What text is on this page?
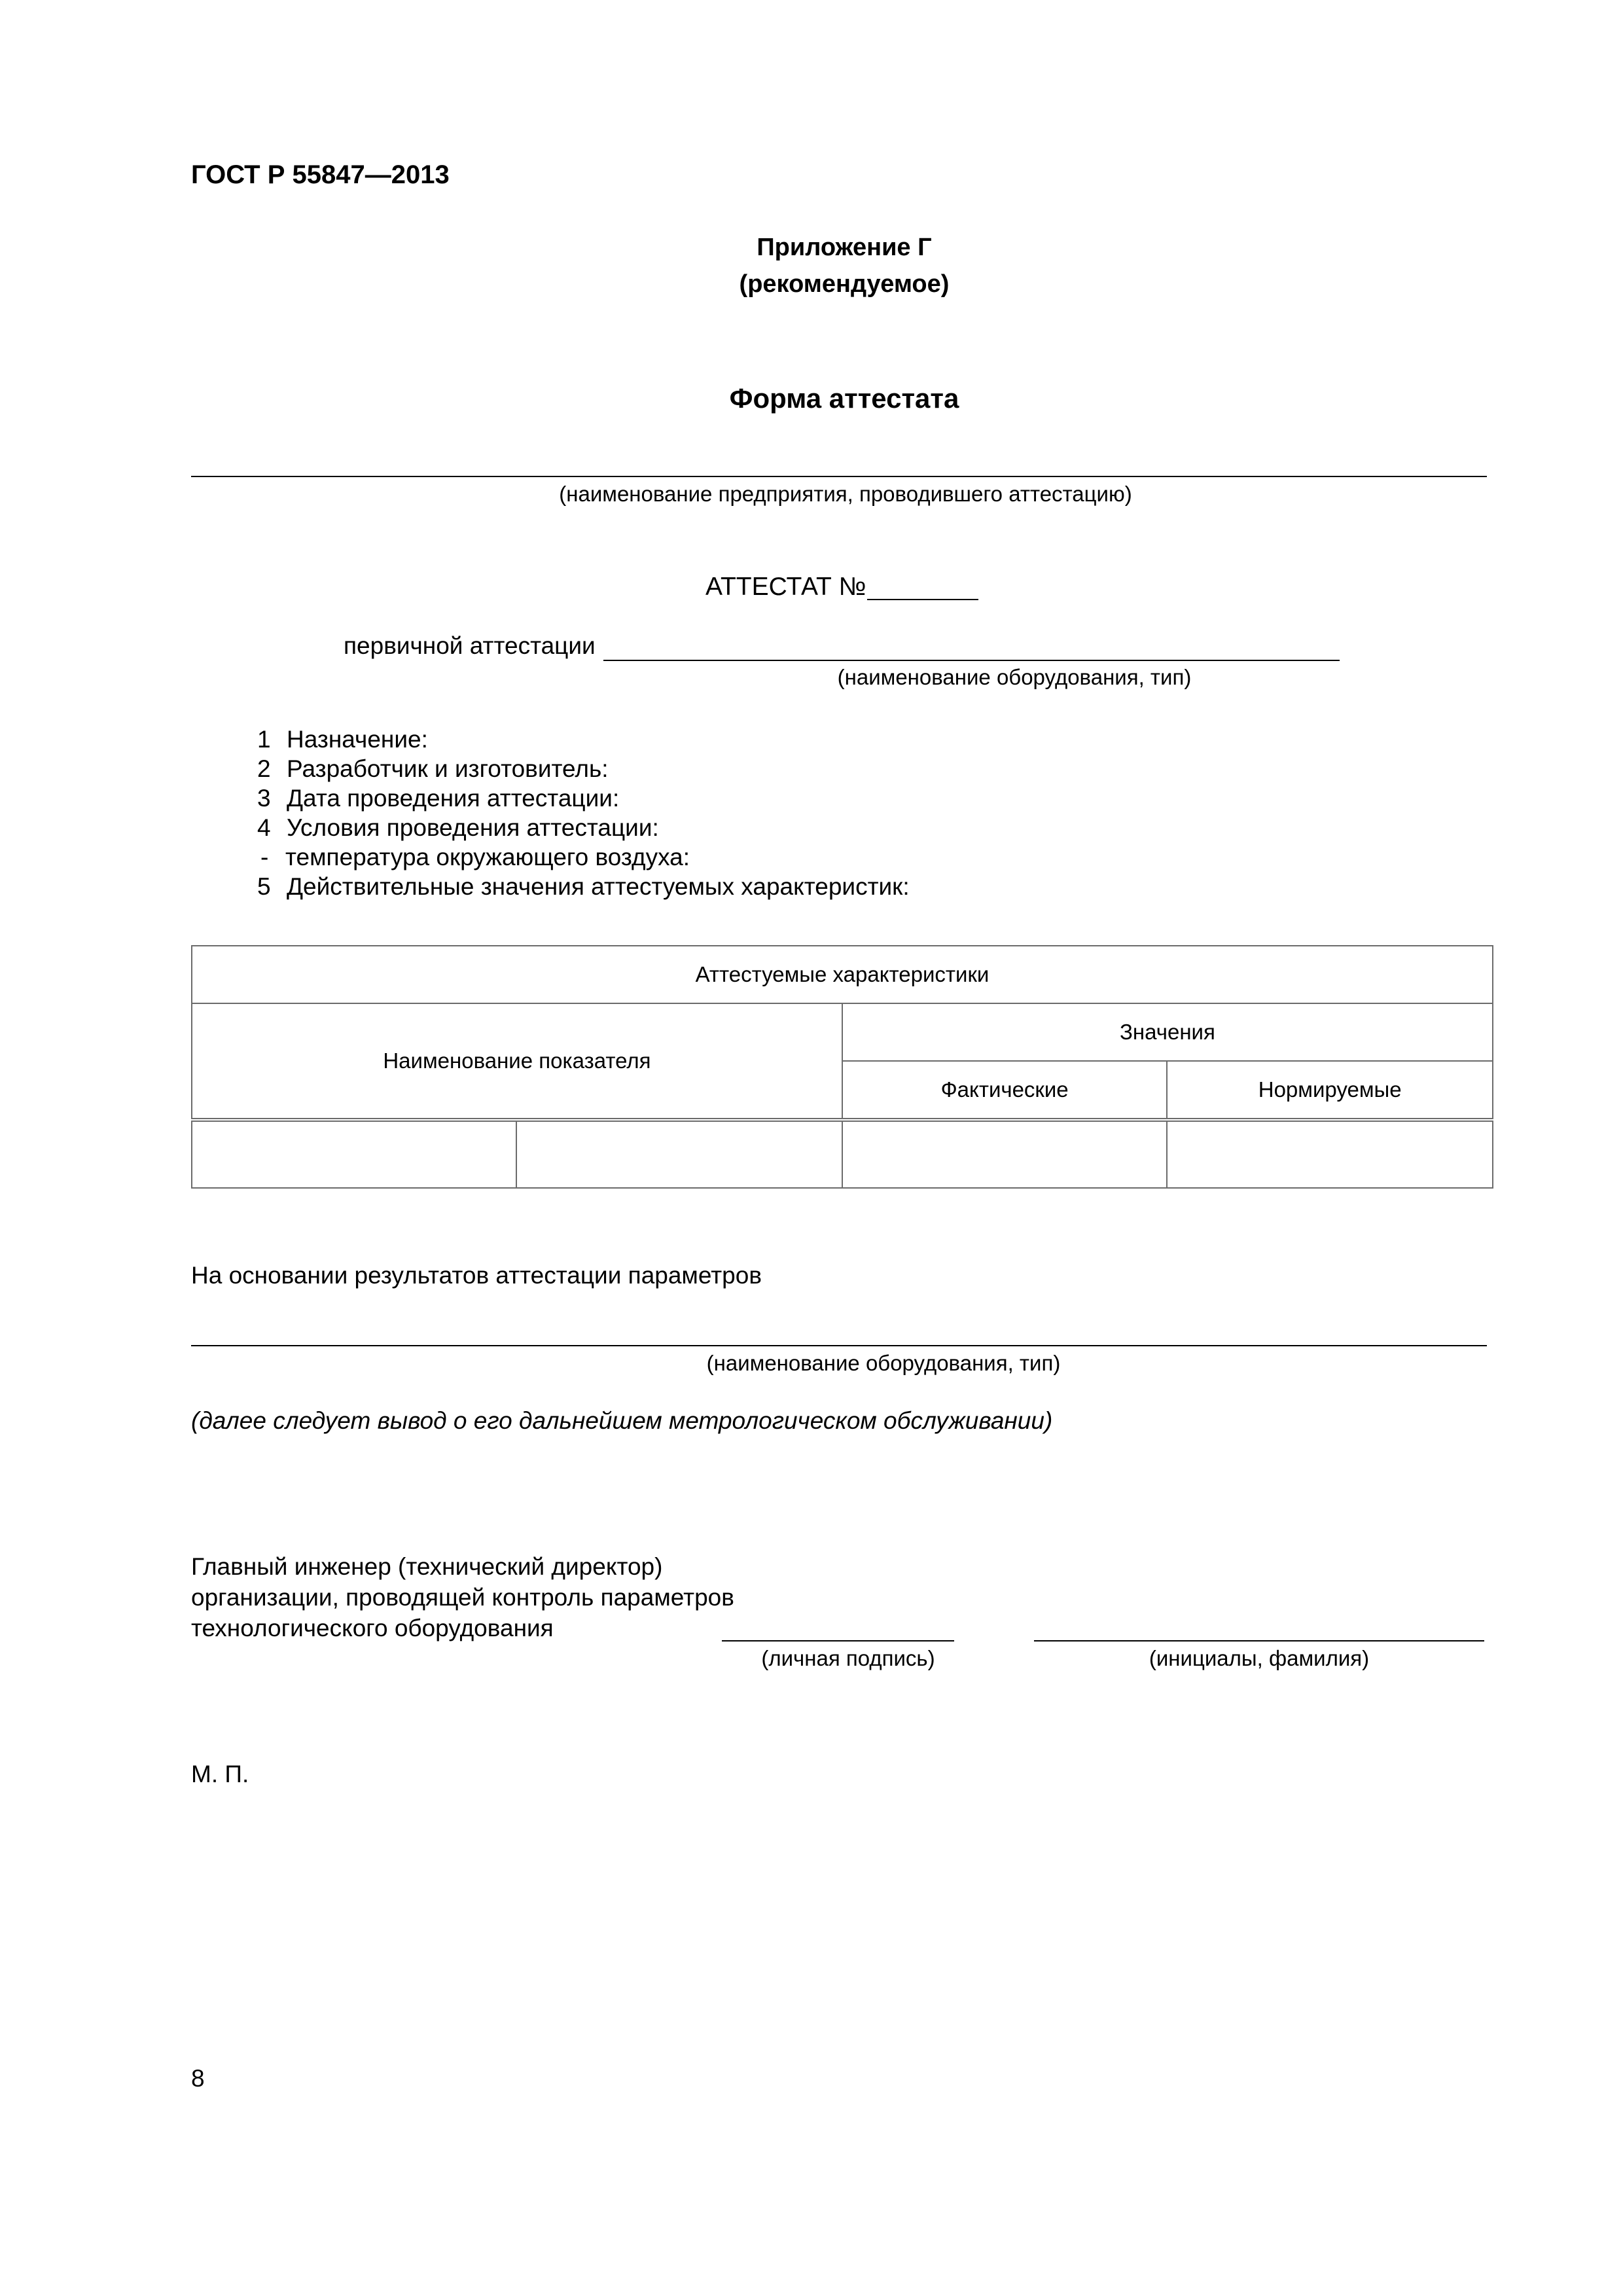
ГОСТ Р 55847—2013
Приложение Г
(рекомендуемое)
Форма аттестата
(наименование предприятия, проводившего аттестацию)
АТТЕСТАТ №
первичной аттестации
(наименование оборудования, тип)
1 Назначение:
2 Разработчик и изготовитель:
3 Дата проведения аттестации:
4 Условия проведения аттестации:
- температура окружающего воздуха:
5 Действительные значения аттестуемых характеристик:
Аттестуемые характеристики			
Наименование показателя		Значения	
		Фактические	Нормируемые

На основании результатов аттестации параметров
(наименование оборудования, тип)
(далее следует вывод о его дальнейшем метрологическом обслуживании)
Главный инженер (технический директор)
организации, проводящей контроль параметров
технологического оборудования
(личная подпись)	(инициалы, фамилия)
М. П.
8
